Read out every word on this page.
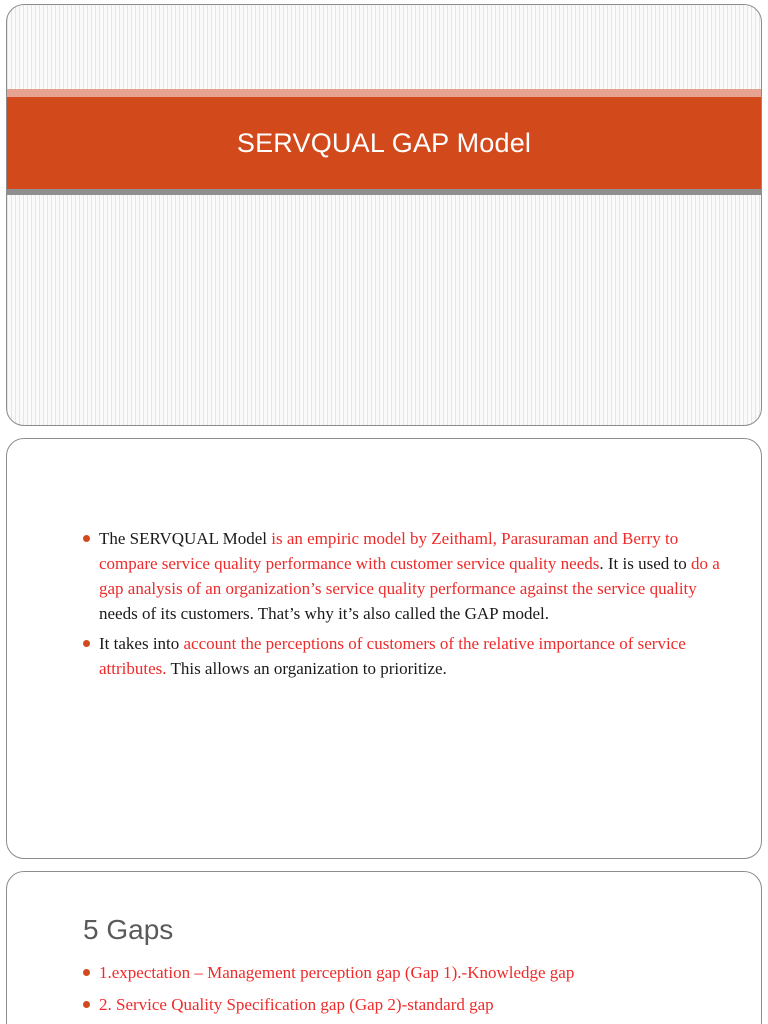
SERVQUAL GAP Model
The SERVQUAL Model is an empiric model by Zeithaml, Parasuraman and Berry to compare service quality performance with customer service quality needs. It is used to do a gap analysis of an organization’s service quality performance against the service quality needs of its customers. That’s why it’s also called the GAP model.
It takes into account the perceptions of customers of the relative importance of service attributes. This allows an organization to prioritize.
5 Gaps
1.expectation – Management perception gap (Gap 1).-Knowledge gap
2. Service Quality Specification gap (Gap 2)-standard gap
